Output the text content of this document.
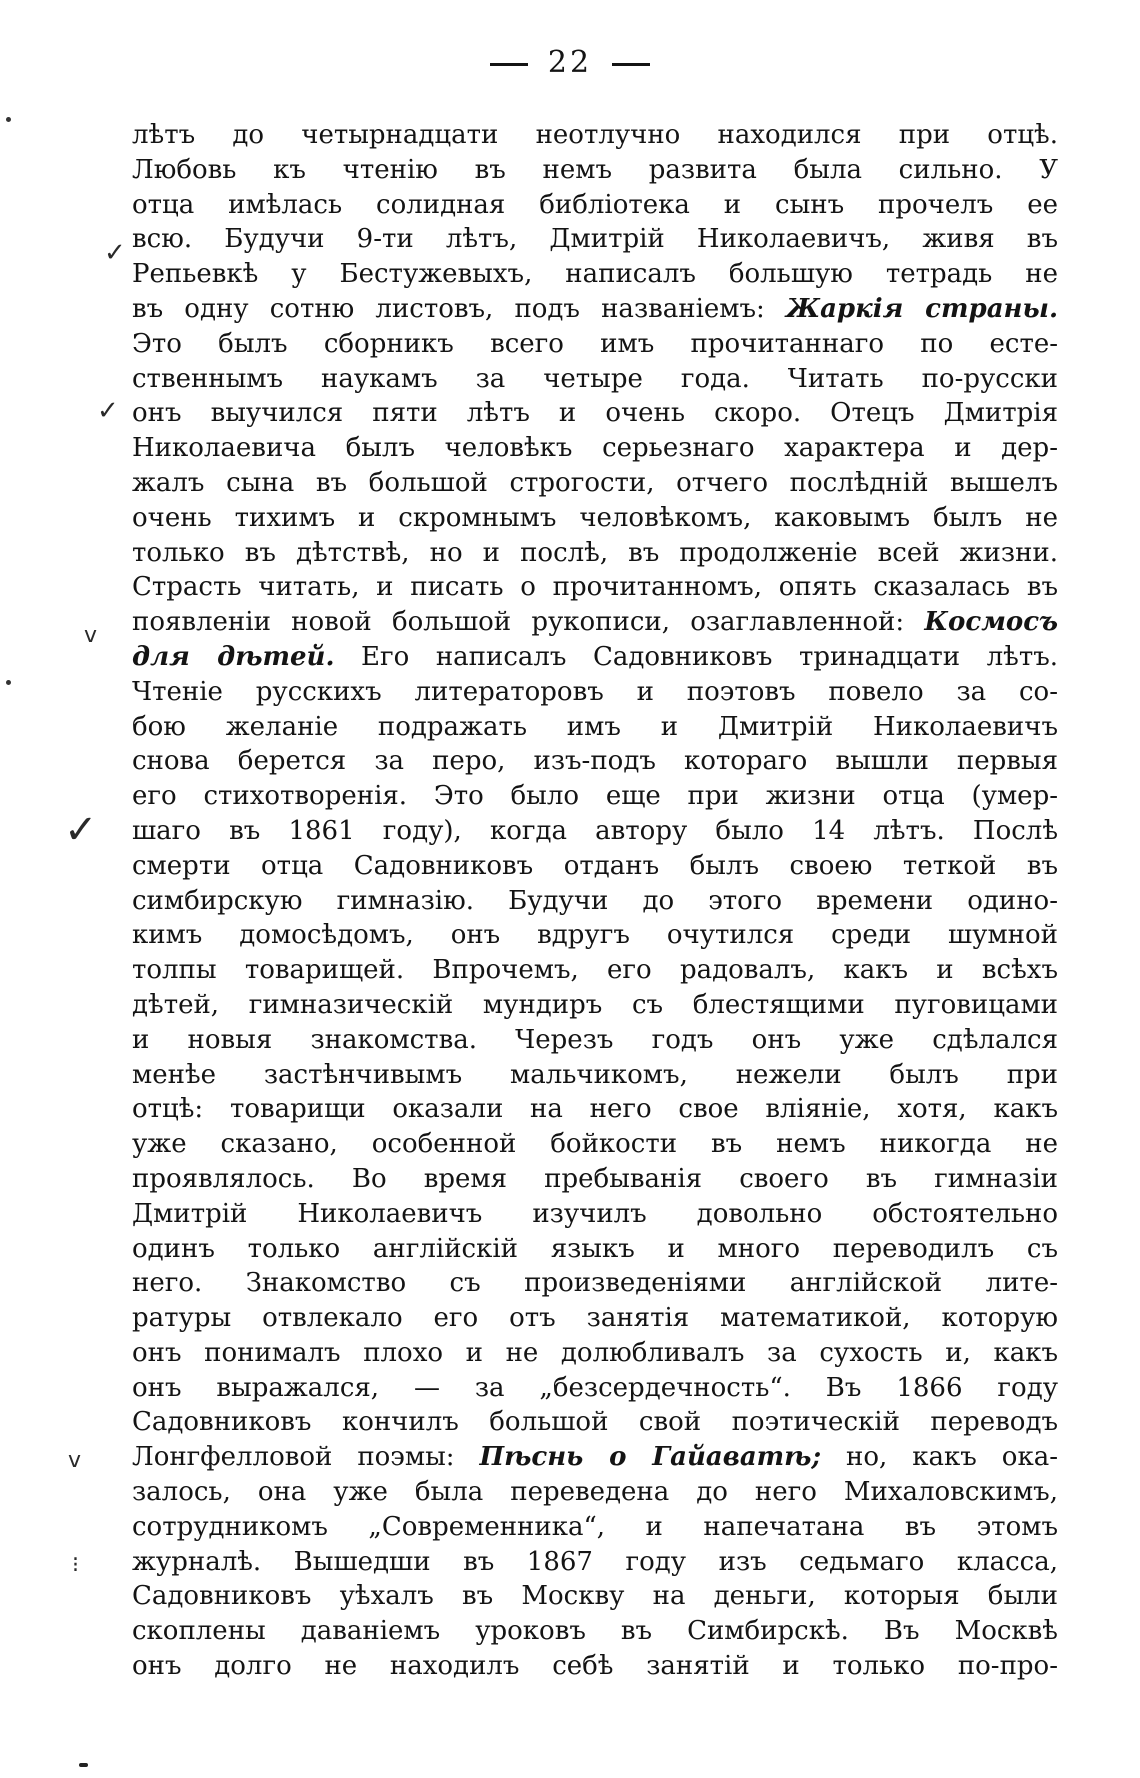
22
лѣтъ до четырнадцати неотлучно находился при отцѣ.
Любовь къ чтенію въ немъ развита была сильно. У
отца имѣлась солидная библіотека и сынъ прочелъ ее
всю. Будучи 9-ти лѣтъ, Дмитрій Николаевичъ, живя въ
Репьевкѣ у Бестужевыхъ, написалъ большую тетрадь не
въ одну сотню листовъ, подъ названіемъ: Жаркія страны.
Это былъ сборникъ всего имъ прочитаннаго по есте-
ственнымъ наукамъ за четыре года. Читать по-русски
онъ выучился пяти лѣтъ и очень скоро. Отецъ Дмитрія
Николаевича былъ человѣкъ серьезнаго характера и дер-
жалъ сына въ большой строгости, отчего послѣдній вышелъ
очень тихимъ и скромнымъ человѣкомъ, каковымъ былъ не
только въ дѣтствѣ, но и послѣ, въ продолженіе всей жизни.
Страсть читать, и писать о прочитанномъ, опять сказалась въ
появленіи новой большой рукописи, озаглавленной: Космосъ
для дѣтей. Его написалъ Садовниковъ тринадцати лѣтъ.
Чтеніе русскихъ литераторовъ и поэтовъ повело за со-
бою желаніе подражать имъ и Дмитрій Николаевичъ
снова берется за перо, изъ-подъ котораго вышли первыя
его стихотворенія. Это было еще при жизни отца (умер-
шаго въ 1861 году), когда автору было 14 лѣтъ. Послѣ
смерти отца Садовниковъ отданъ былъ своею теткой въ
симбирскую гимназію. Будучи до этого времени одино-
кимъ домосѣдомъ, онъ вдругъ очутился среди шумной
толпы товарищей. Впрочемъ, его радовалъ, какъ и всѣхъ
дѣтей, гимназическій мундиръ съ блестящими пуговицами
и новыя знакомства. Черезъ годъ онъ уже сдѣлался
менѣе застѣнчивымъ мальчикомъ, нежели былъ при
отцѣ: товарищи оказали на него свое вліяніе, хотя, какъ
уже сказано, особенной бойкости въ немъ никогда не
проявлялось. Во время пребыванія своего въ гимназіи
Дмитрій Николаевичъ изучилъ довольно обстоятельно
одинъ только англійскій языкъ и много переводилъ съ
него. Знакомство съ произведеніями англійской лите-
ратуры отвлекало его отъ занятія математикой, которую
онъ понималъ плохо и не долюбливалъ за сухость и, какъ
онъ выражался, — за „безсердечность“. Въ 1866 году
Садовниковъ кончилъ большой свой поэтическій переводъ
Лонгфелловой поэмы: Пѣснь о Гайаватѣ; но, какъ ока-
залось, она уже была переведена до него Михаловскимъ,
сотрудникомъ „Современника“, и напечатана въ этомъ
журналѣ. Вышедши въ 1867 году изъ седьмаго класса,
Садовниковъ уѣхалъ въ Москву на деньги, которыя были
скоплены даваніемъ уроковъ въ Симбирскѣ. Въ Москвѣ
онъ долго не находилъ себѣ занятій и только по-про-
✓
✓
v
✓
v
⁝
